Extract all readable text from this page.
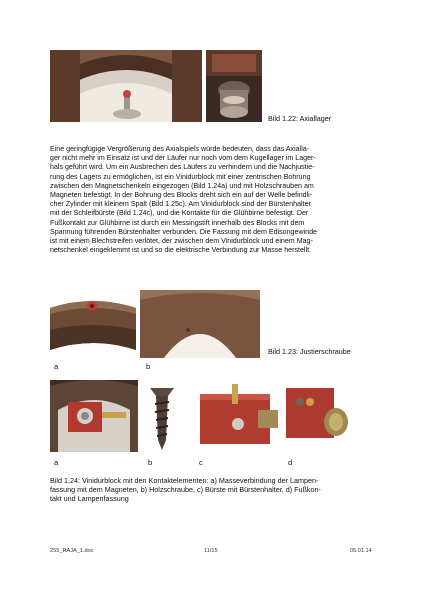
Bild 1.22: Axiallager
Eine geringfügige Vergrößerung des Axialspiels würde bedeuten, dass das Axialla-
ger nicht mehr im Einsatz ist und der Läufer nur noch vom dem Kugellager im Lager-
hals geführt wird. Um ein Ausbrechen des Läufers zu verhindern und die Nachjustie-
rung des Lagers zu ermöglichen, ist ein Vinidurblock mit einer zentrischen Bohrung
zwischen den Magnetschenkeln eingezogen (Bild 1.24a) und mit Holzschrauben am
Magneten befestigt. In der Bohrung des Blocks dreht sich ein auf der Welle befindli-
cher Zylinder mit kleinem Spalt (Bild 1.25c). Am Vinidurblock sind der Bürstenhalter
mit der Schleifbürste (Bild 1.24c), und die Kontakte für die Glühbirne befestigt. Der
Fußkontakt zur Glühbirne ist durch ein Messingstift innerhalb des Blocks mit dem
Spannung führenden Bürstenhalter verbunden. Die Fassung mit dem Edisongewinde
ist mit einem Blechstreifen verlötet, der zwischen dem Vinidurblock und einem Mag-
netschenkel eingeklemmt ist und so die elektrische Verbindung zur Masse herstellt.
a	b
Bild 1.23: Justierschraube
a	b	c	d
Bild 1.24: Vinidurblock mit den Kontaktelementen: a) Masseverbindung der Lampen-
fassung mit dem Magneten, b) Holzschraube, c) Bürste mit Bürstenhalter, d) Fußkon-
takt und Lampenfassung
255_RAJA_1.doc	11/15	05.01.14
